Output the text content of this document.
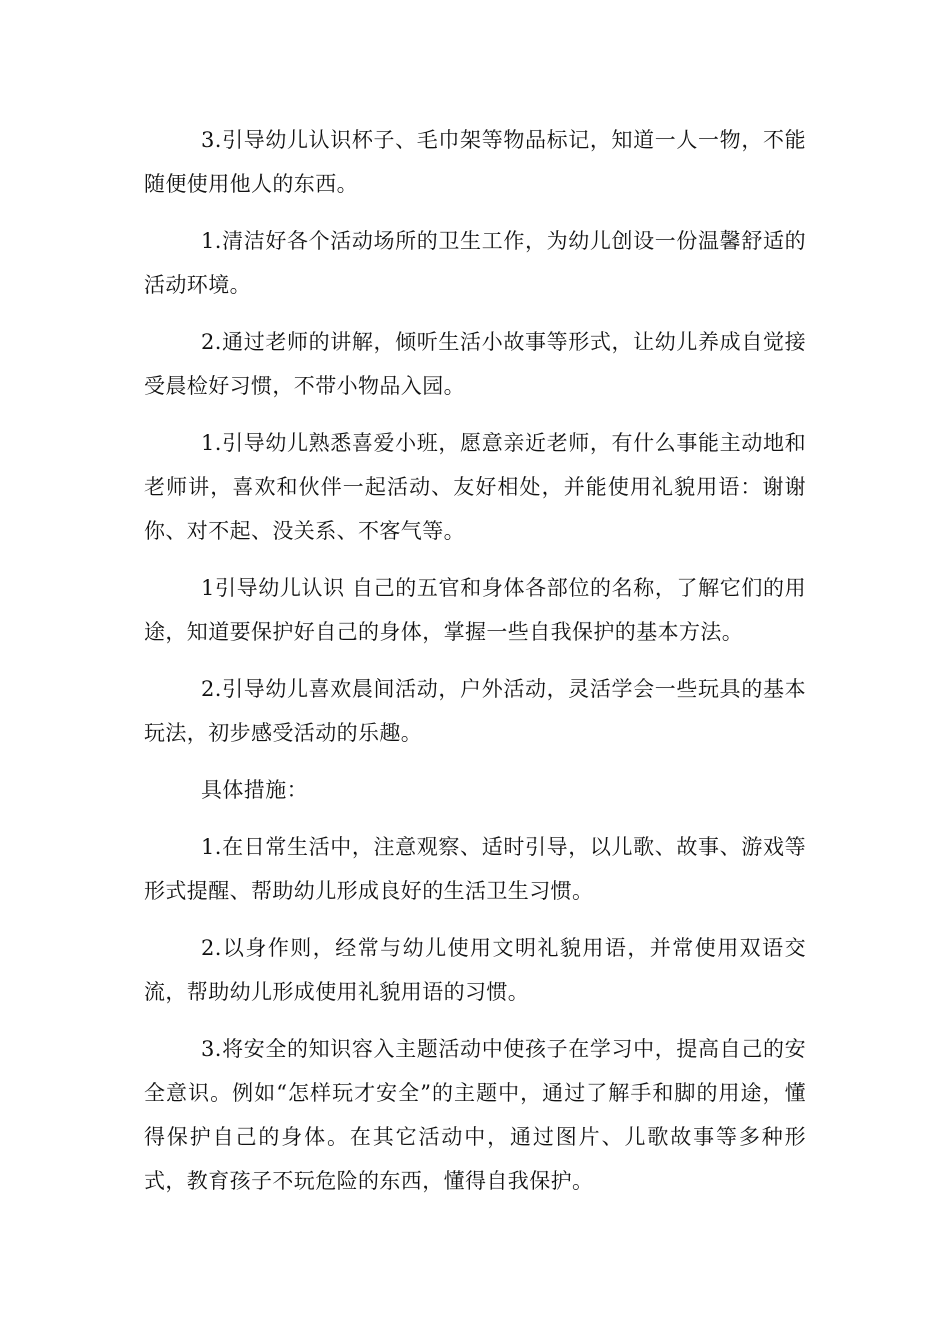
3.引导幼儿认识杯子、毛巾架等物品标记，知道一人一物，不能随便使用他人的东西。

1.清洁好各个活动场所的卫生工作，为幼儿创设一份温馨舒适的活动环境。

2.通过老师的讲解，倾听生活小故事等形式，让幼儿养成自觉接受晨检好习惯，不带小物品入园。

1.引导幼儿熟悉喜爱小班，愿意亲近老师，有什么事能主动地和老师讲，喜欢和伙伴一起活动、友好相处，并能使用礼貌用语：谢谢你、对不起、没关系、不客气等。

1引导幼儿认识 自己的五官和身体各部位的名称，了解它们的用途，知道要保护好自己的身体，掌握一些自我保护的基本方法。

2.引导幼儿喜欢晨间活动，户外活动，灵活学会一些玩具的基本玩法，初步感受活动的乐趣。

具体措施：

1.在日常生活中，注意观察、适时引导，以儿歌、故事、游戏等形式提醒、帮助幼儿形成良好的生活卫生习惯。

2.以身作则，经常与幼儿使用文明礼貌用语，并常使用双语交流，帮助幼儿形成使用礼貌用语的习惯。

3.将安全的知识容入主题活动中使孩子在学习中，提高自己的安全意识。例如“怎样玩才安全”的主题中，通过了解手和脚的用途，懂得保护自己的身体。在其它活动中，通过图片、儿歌故事等多种形式，教育孩子不玩危险的东西，懂得自我保护。
